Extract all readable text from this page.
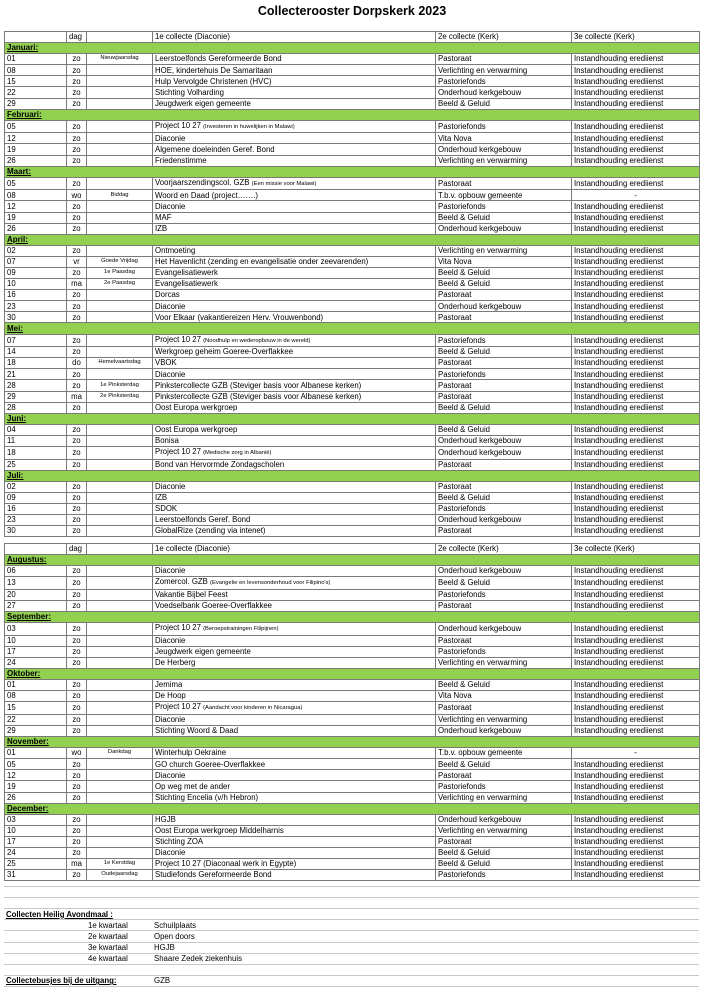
Collecterooster Dorpskerk 2023
	dag		1e collecte (Diaconie)	2e collecte (Kerk)	3e collecte (Kerk)
Januari:					
01	zo	Nieuwjaarsdag	Leerstoelfonds Gereformeerde Bond	Pastoraat	Instandhouding erediienst
08	zo		HOE, kindertehuis De Samaritaan	Verlichting en verwarming	Instandhouding erediienst
15	zo		Hulp Vervolgde Christenen (HVC)	Pastoriefonds	Instandhouding erediienst
22	zo		Stichting Volharding	Onderhoud kerkgebouw	Instandhouding erediienst
29	zo		Jeugdwerk eigen gemeente	Beeld & Geluid	Instandhouding erediienst
Februari:					
05	zo		Project 10 27 (Investeren in huwelijken in Malawi)	Pastoriefonds	Instandhouding erediienst
12	zo		Diaconie	Vita Nova	Instandhouding erediienst
19	zo		Algemene doeleinden Geref. Bond	Onderhoud kerkgebouw	Instandhouding erediienst
26	zo		Friedenstimme	Verlichting en verwarming	Instandhouding erediienst
Maart:					
05	zo		Voorjaarszendingscol. GZB (Een missie voor Malawi)	Pastoraat	Instandhouding erediienst
08	wo	Biddag	Woord en Daad (project…….)	T.b.v. opbouw gemeente	-
12	zo		Diaconie	Pastoriefonds	Instandhouding erediienst
19	zo		MAF	Beeld & Geluid	Instandhouding erediienst
26	zo		IZB	Onderhoud kerkgebouw	Instandhouding erediienst
April:					
02	zo		Ontmoeting	Verlichting en verwarming	Instandhouding erediienst
07	vr	Goede Vrijdag	Het Havenlicht (zending en evangelisatie onder zeevarenden)	Vita Nova	Instandhouding erediienst
09	zo	1e Paasdag	Evangelisatiewerk	Beeld & Geluid	Instandhouding erediienst
10	ma	2e Paasdag	Evangelisatiewerk	Beeld & Geluid	Instandhouding erediienst
16	zo		Dorcas	Pastoraat	Instandhouding erediienst
23	zo		Diaconie	Onderhoud kerkgebouw	Instandhouding erediienst
30	zo		Voor Elkaar (vakantiereizen Herv. Vrouwenbond)	Pastoraat	Instandhouding erediienst
Mei:					
07	zo		Project 10 27 (Noodhulp en wederopbouw in de wereld)	Pastoriefonds	Instandhouding erediienst
14	zo		Werkgroep geheim Goeree-Overflakkee	Beeld & Geluid	Instandhouding erediienst
18	do	Hemelvaartsdag	VBOK	Pastoraat	Instandhouding erediienst
21	zo		Diaconie	Pastoriefonds	Instandhouding erediienst
28	zo	1e Pinksterdag	Pinkstercollecte GZB (Steviger basis voor Albanese kerken)	Pastoraat	Instandhouding erediienst
29	ma	2e Pinksterdag	Pinkstercollecte GZB (Steviger basis voor Albanese kerken)	Pastoraat	Instandhouding erediienst
28	zo		Oost Europa werkgroep	Beeld & Geluid	Instandhouding erediienst
Juni:					
04	zo		Oost Europa werkgroep	Beeld & Geluid	Instandhouding erediienst
11	zo		Bonisa	Onderhoud kerkgebouw	Instandhouding erediienst
18	zo		Project 10 27 (Medische zorg in Albanië)	Onderhoud kerkgebouw	Instandhouding erediienst
25	zo		Bond van Hervormde Zondagscholen	Pastoraat	Instandhouding erediienst
Juli:					
02	zo		Diaconie	Pastoraat	Instandhouding erediienst
09	zo		IZB	Beeld & Geluid	Instandhouding erediienst
16	zo		SDOK	Pastoriefonds	Instandhouding erediienst
23	zo		Leerstoelfonds Geref. Bond	Onderhoud kerkgebouw	Instandhouding erediienst
30	zo		GlobalRize (zending via intenet)	Pastoraat	Instandhouding erediienst
	dag		1e collecte (Diaconie)	2e collecte (Kerk)	3e collecte (Kerk)
Augustus:					
06	zo		Diaconie	Onderhoud kerkgebouw	Instandhouding erediienst
13	zo		Zomercol. GZB (Evangelie en levensonderhoud voor Filipino's)	Beeld & Geluid	Instandhouding erediienst
20	zo		Vakantie Bijbel Feest	Pastoriefonds	Instandhouding erediienst
27	zo		Voedselbank Goeree-Overflakkee	Pastoraat	Instandhouding erediienst
September:					
03	zo		Project 10 27 (Beroepstrainingen Filipijnen)	Onderhoud kerkgebouw	Instandhouding erediienst
10	zo		Diaconie	Pastoraat	Instandhouding erediienst
17	zo		Jeugdwerk eigen gemeente	Pastoriefonds	Instandhouding erediienst
24	zo		De Herberg	Verlichting en verwarming	Instandhouding erediienst
Oktober:					
01	zo		Jemima	Beeld & Geluid	Instandhouding erediienst
08	zo		De Hoop	Vita Nova	Instandhouding erediienst
15	zo		Project 10 27 (Aandacht voor kinderen in Nicaragua)	Pastoraat	Instandhouding erediienst
22	zo		Diaconie	Verlichting en verwarming	Instandhouding erediienst
29	zo		Stichting Woord & Daad	Onderhoud kerkgebouw	Instandhouding erediienst
November:					
01	wo	Dankdag	Winterhulp Oekraine	T.b.v. opbouw gemeente	-
05	zo		GO church Goeree-Overflakkee	Beeld & Geluid	Instandhouding erediienst
12	zo		Diaconie	Pastoraat	Instandhouding erediienst
19	zo		Op weg met de ander	Pastoriefonds	Instandhouding erediienst
26	zo		Stichting Encelia (v/h Hebron)	Verlichting en verwarming	Instandhouding erediienst
December:					
03	zo		HGJB	Onderhoud kerkgebouw	Instandhouding erediienst
10	zo		Oost Europa werkgroep Middelharnis	Verlichting en verwarming	Instandhouding erediienst
17	zo		Stichting ZOA	Pastoraat	Instandhouding erediienst
24	zo		Diaconie	Beeld & Geluid	Instandhouding erediienst
25	ma	1e Kerstdag	Project 10 27 (Diaconaal werk in Egypte)	Beeld & Geluid	Instandhouding erediienst
31	zo	Oudejaarsdag	Studiefonds Gereformeerde Bond	Pastoriefonds	Instandhouding erediienst

Collecten Heilig Avondmaal :				
	1e kwartaal	Schuilplaats		
	2e kwartaal	Open doors		
	3e kwartaal	HGJB		
	4e kwartaal	Shaare Zedek ziekenhuis		

Collectebusjes bij de uitgang:		GZB		
